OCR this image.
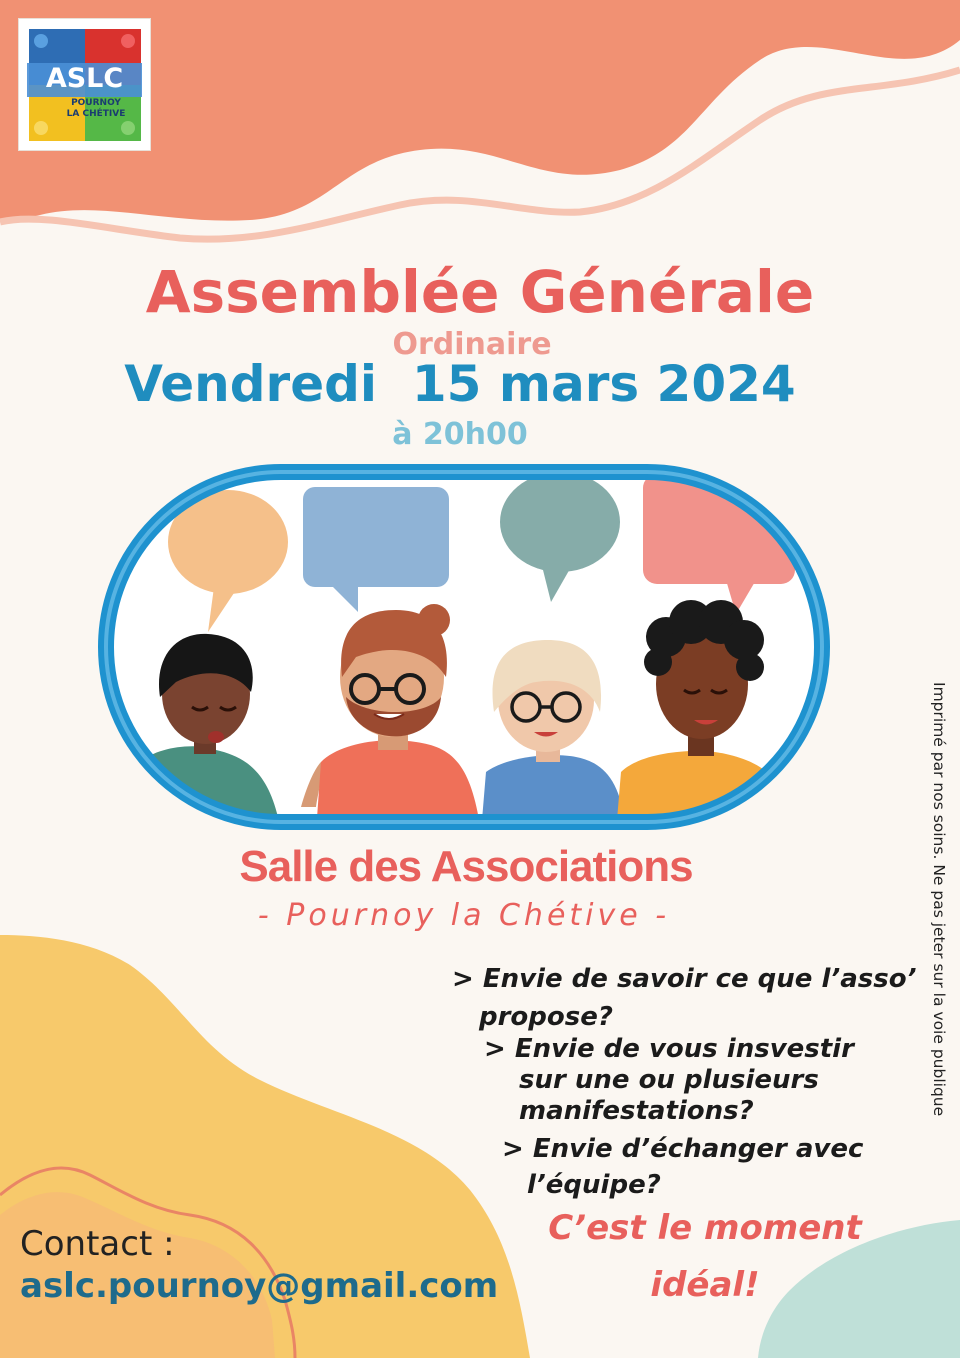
ASLC
POURNOY
LA CHÉTIVE
Assemblée Générale
Ordinaire
Vendredi  15 mars 2024
à 20h00
Salle des Associations
- Pournoy la Chétive -
> Envie de savoir ce que l’asso’
propose?
> Envie de vous insvestir
sur une ou plusieurs
manifestations?
> Envie d’échanger avec
l’équipe?
C’est le moment
idéal!
Contact :
aslc.pournoy@gmail.com
Imprimé par nos soins. Ne pas jeter sur la voie publique
